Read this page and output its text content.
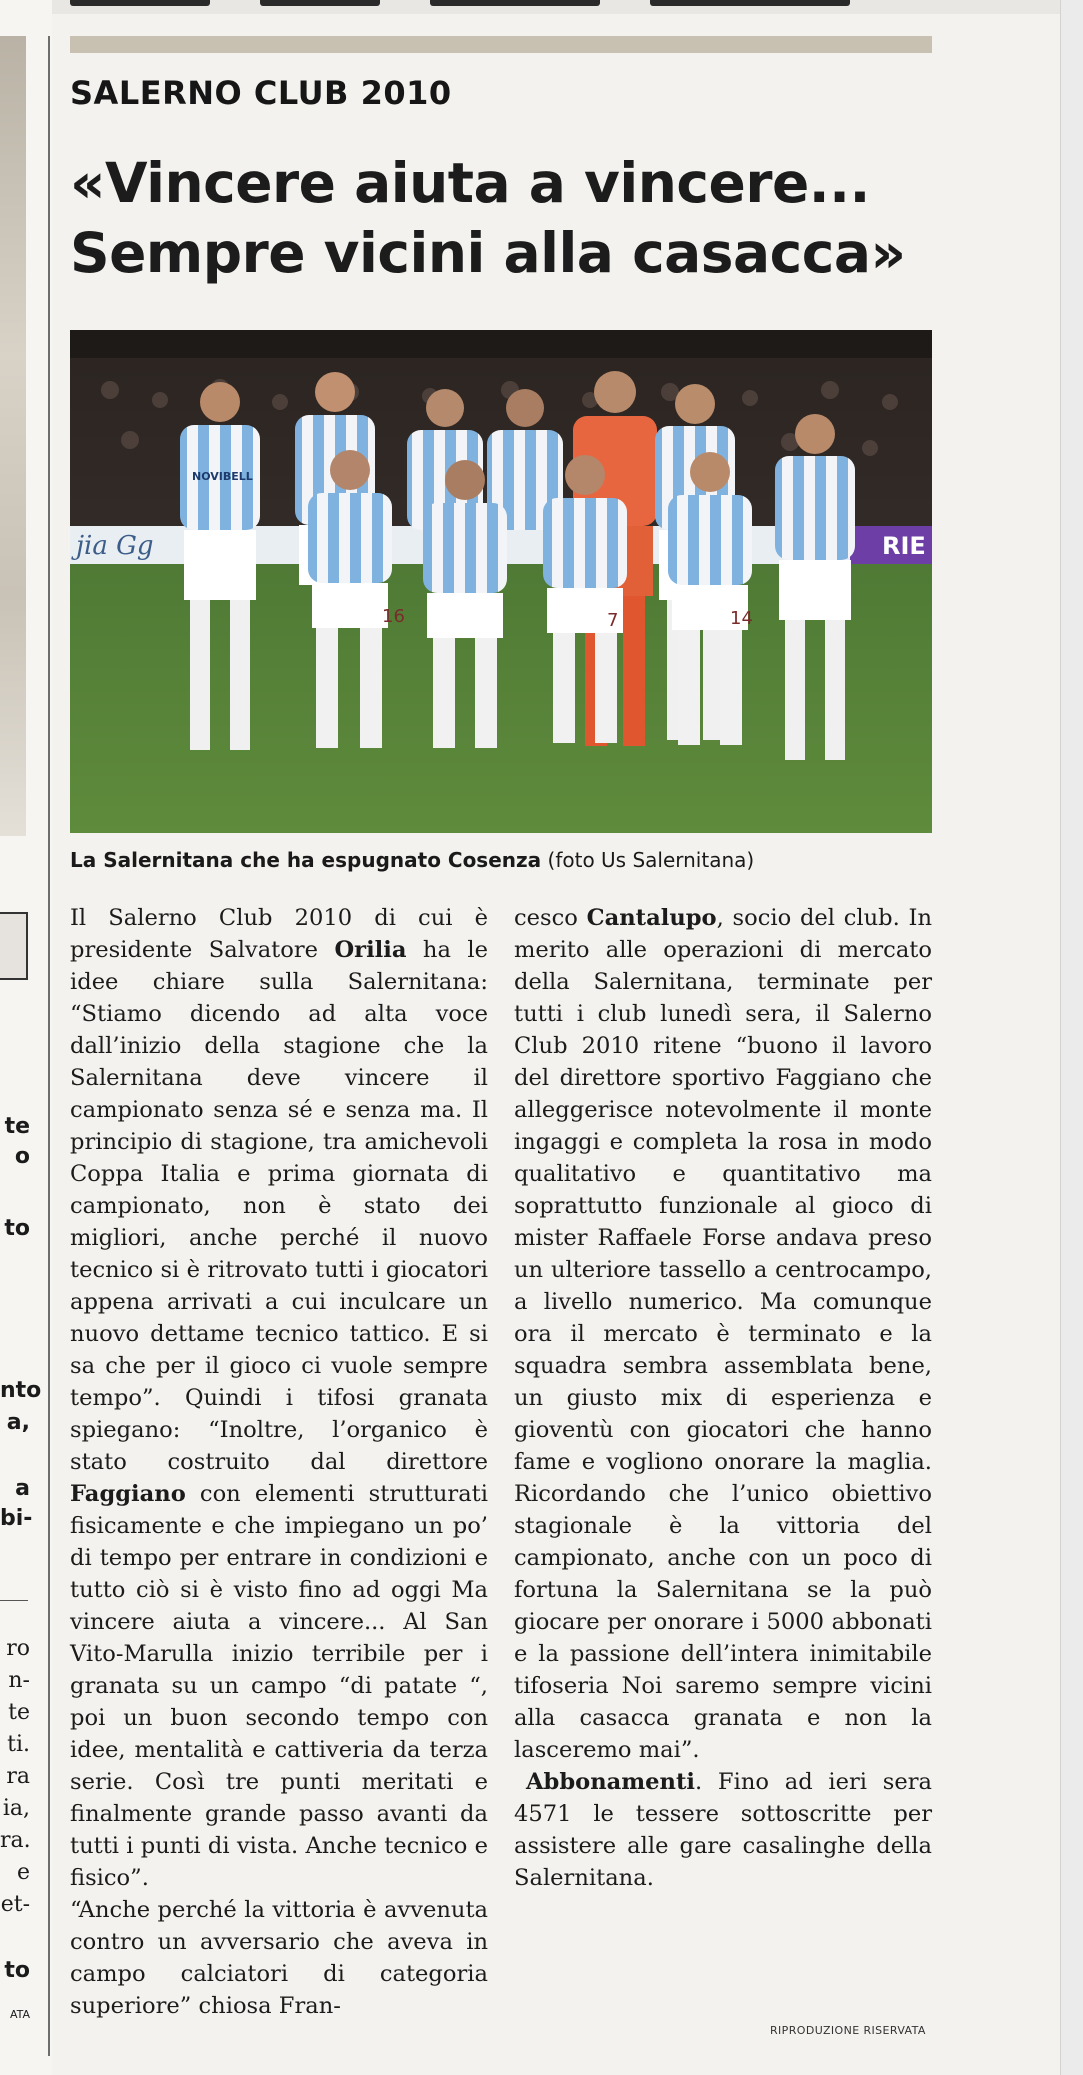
te
o
to
nto
a,
a
bi-
ro
n-
te
ti.
ra
ia,
ra.
e
et-
to
ATA
SALERNO CLUB 2010
«Vincere aiuta a vincere...
Sempre vicini alla casacca»
jia Gg	RIE
NOVIBELL
16	7	14
La Salernitana che ha espugnato Cosenza (foto Us Salernitana)

Il Salerno Club 2010 di cui è presidente Salvatore Orilia ha le idee chiare sulla Salernitana: “Stiamo dicendo ad alta voce dall’inizio della stagione che la Salernitana deve vincere il campionato senza sé e senza ma. Il principio di stagione, tra amichevoli Coppa Italia e prima giornata di campionato, non è stato dei migliori, anche perché il nuovo tecnico si è ritrovato tutti i giocatori appena arrivati a cui inculcare un nuovo dettame tecnico tattico. E si sa che per il gioco ci vuole sempre tempo”. Quindi i tifosi granata spiegano: “Inoltre, l’organico è stato costruito dal direttore Faggiano con elementi strutturati fisicamente e che impiegano un po’ di tempo per entrare in condizioni e tutto ciò si è visto fino ad oggi Ma vincere aiuta a vincere... Al San Vito-Marulla inizio terribile per i granata su un campo “di patate “, poi un buon secondo tempo con idee, mentalità e cattiveria da terza serie. Così tre punti meritati e finalmente grande passo avanti da tutti i punti di vista. Anche tecnico e fisico”.

“Anche perché la vittoria è avvenuta contro un avversario che aveva in campo calciatori di categoria superiore” chiosa Fran-

cesco Cantalupo, socio del club. In merito alle operazioni di mercato della Salernitana, terminate per tutti i club lunedì sera, il Salerno Club 2010 ritene “buono il lavoro del direttore sportivo Faggiano che alleggerisce notevolmente il monte ingaggi e completa la rosa in modo qualitativo e quantitativo ma soprattutto funzionale al gioco di mister Raffaele Forse andava preso un ulteriore tassello a centrocampo, a livello numerico. Ma comunque ora il mercato è terminato e la squadra sembra assemblata bene, un giusto mix di esperienza e gioventù con giocatori che hanno fame e vogliono onorare la maglia. Ricordando che l’unico obiettivo stagionale è la vittoria del campionato, anche con un poco di fortuna la Salernitana se la può giocare per onorare i 5000 abbonati e la passione dell’intera inimitabile tifoseria Noi saremo sempre vicini alla casacca granata e non la lasceremo mai”.

Abbonamenti. Fino ad ieri sera 4571 le tessere sottoscritte per assistere alle gare casalinghe della Salernitana.

RIPRODUZIONE RISERVATA
